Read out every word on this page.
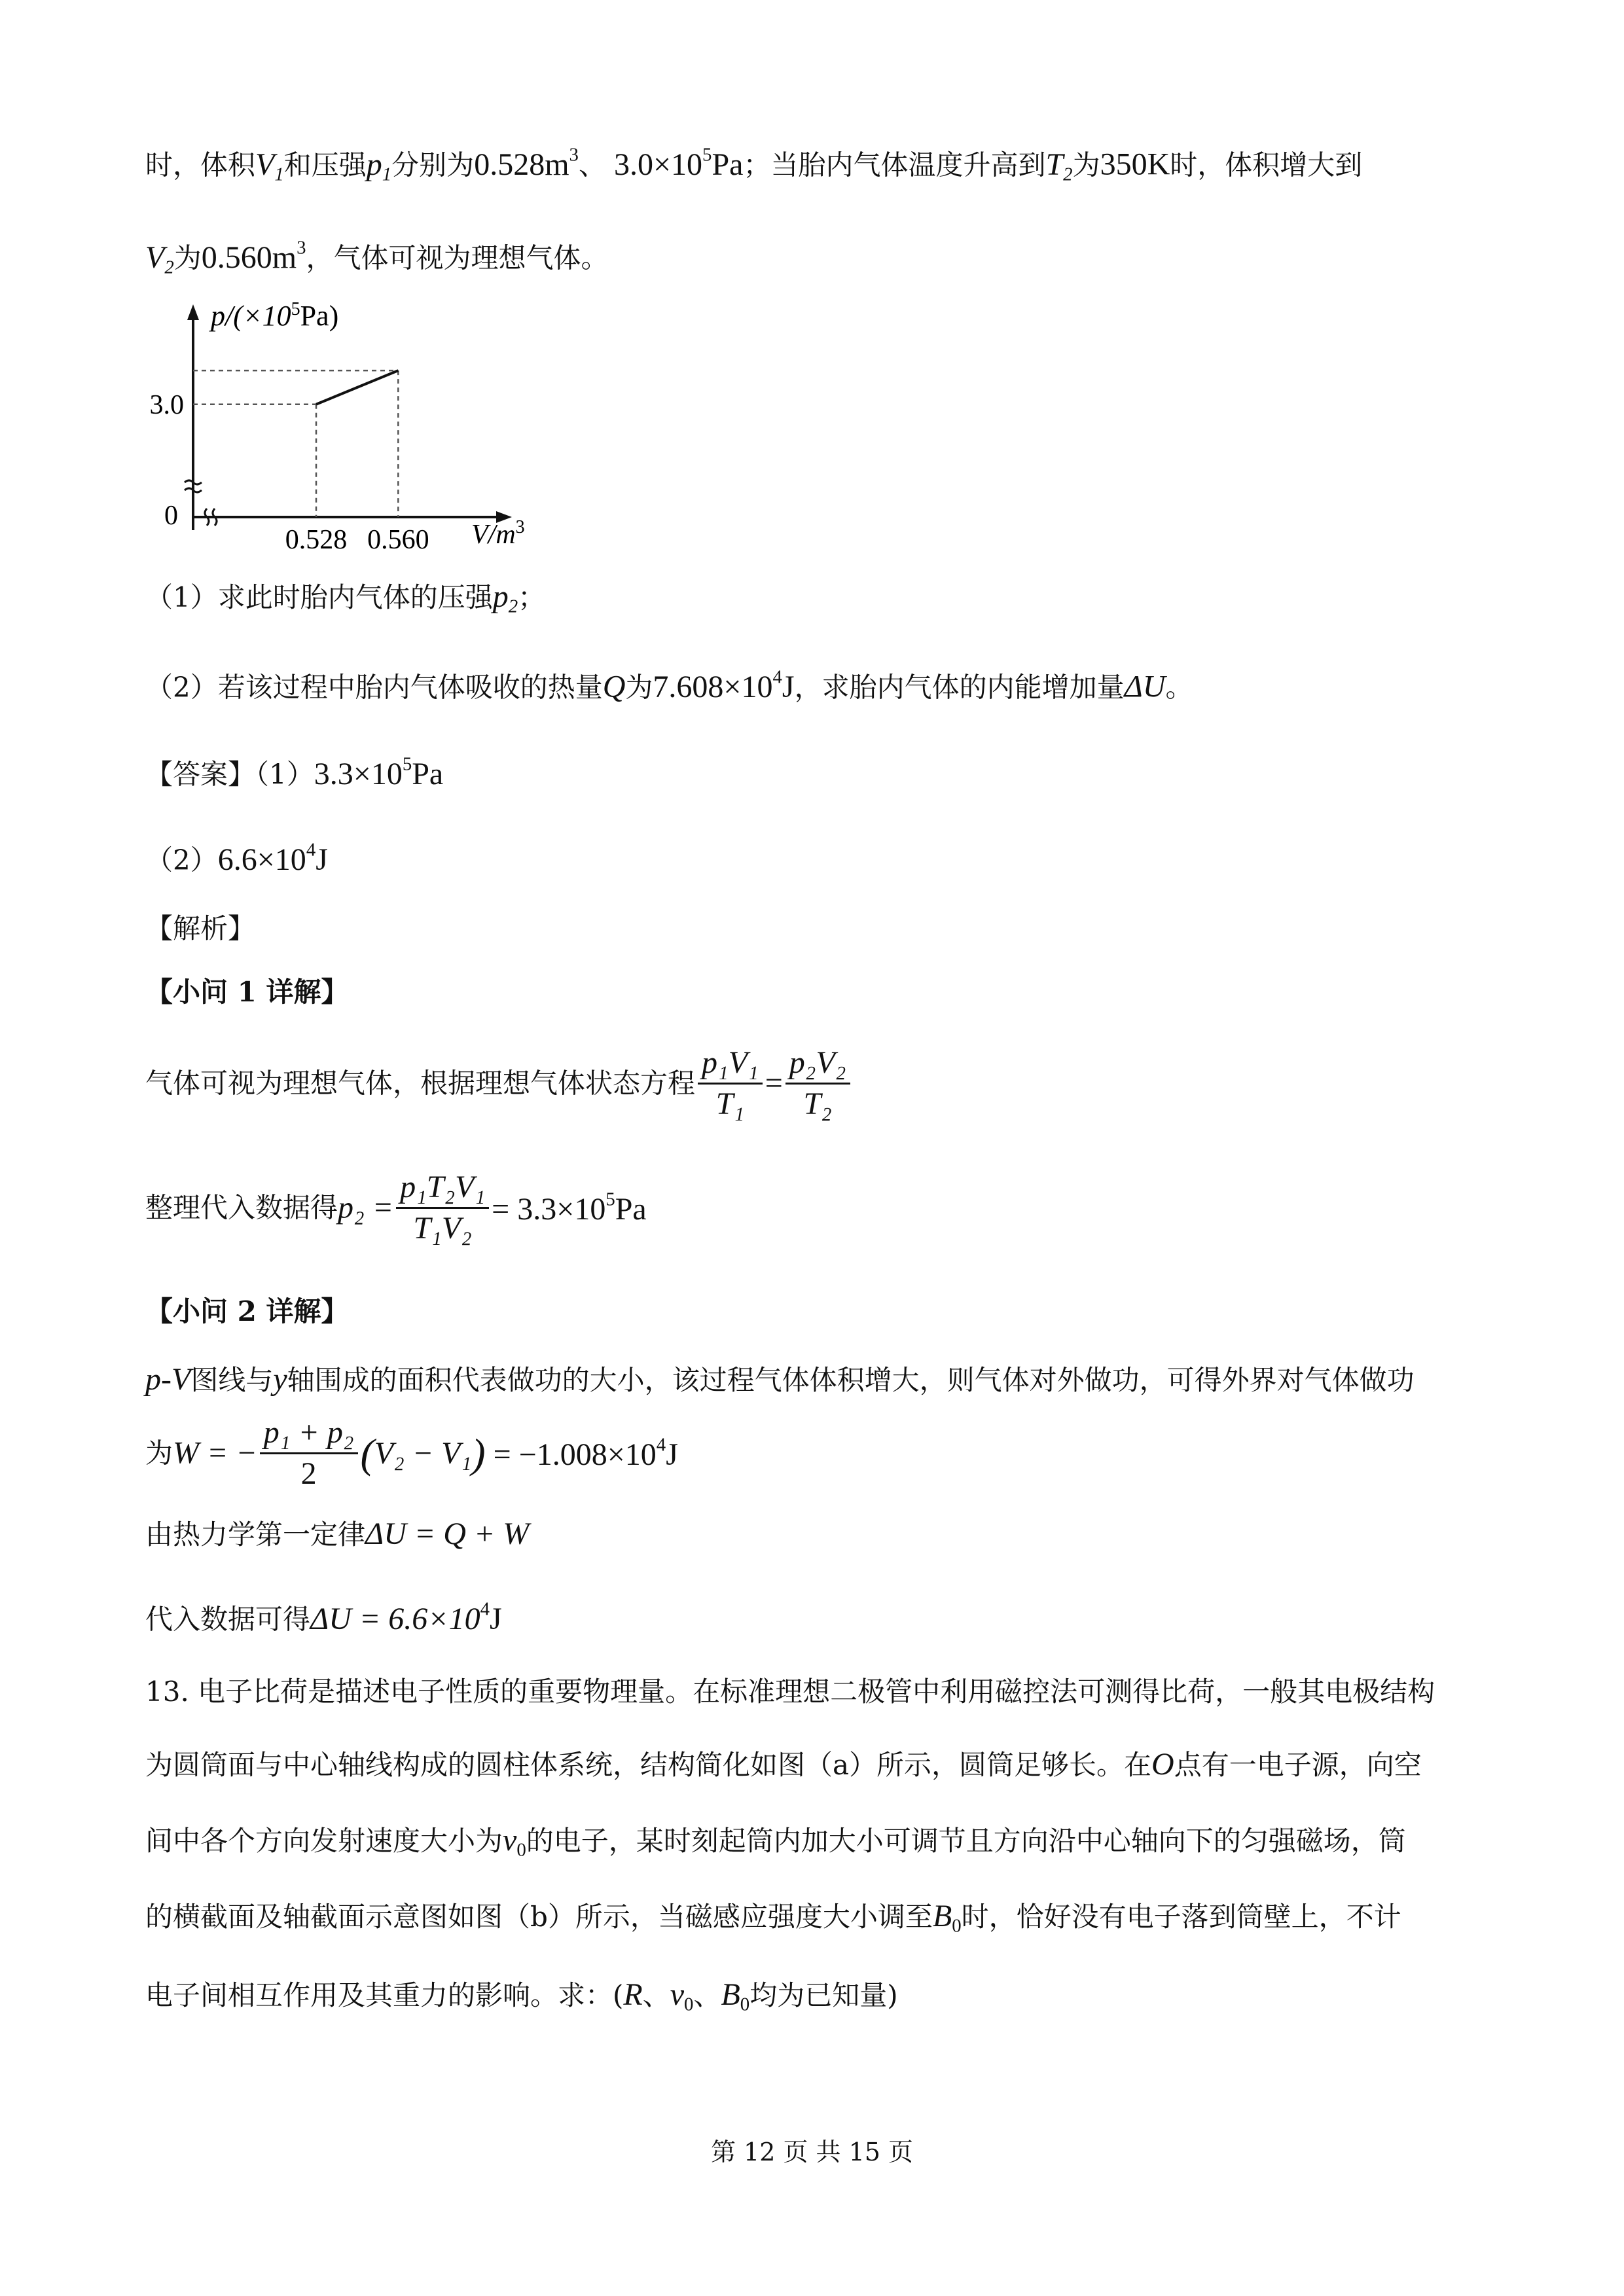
时，体积$V_1$和压强$p_1$分别为$0.528m^3$、 $3.0\times 10^5Pa$；当胎内气体温度升高到$T_2$为350K时，体积增大到
$V_2$为$0.560m^3$，气体可视为理想气体。
$p/(\times 10^5Pa)$
0
$V/m^3$
0.528 0.560
3.0
（1）求此时胎内气体的压强$p_2$；
（2）若该过程中胎内气体吸收的热量Q为$7.608\times 10^4J$，求胎内气体的内能增加量ΔU。
【答案】$(1)3.3\times 10^5Pa$
$(2)6.6\times 10^4J$
【解析】
【小问 1 详解】
气体可视为理想气体，根据理想气体状态方程 $\frac{\text{p₁V₁}}{\text{T₁}} = \frac{\text{p₂V₂}}{\text{T₂}}$
整理代入数据得$p_2 = \frac{\text{p₁T₂V₁}}{\text{T₁V₂}} = 3.3\times 10^5Pa$
【小问 2 详解】
p-V图线与y轴围成的面积代表做功的大小，该过程气体体积增大，则气体对外做功，可得外界对气体做功
为W = − $\frac{\text{p₁ + p₂}}{2} (V_2 - V_1) = -1.008\times 10^4J$
由热力学第一定律ΔU = Q + W
代入数据可得$\Delta U = 6.6\times 10^4J$
13. 电子比荷是描述电子性质的重要物理量。在标准理想二极管中利用磁控法可测得比荷，一般其电极结构
为圆筒面与中心轴线构成的圆柱体系统，结构简化如图（a）所示，圆筒足够长。在O点有一电子源，向空
间中各个方向发射速度大小为$v_0$的电子，某时刻起筒内加大小可调节且方向沿中心轴向下的匀强磁场，筒
的横截面及轴截面示意图如图（b）所示，当磁感应强度大小调至$B_0$时，恰好没有电子落到筒壁上，不计
电子间相互作用及其重力的影响。求：(R、$v_0$、$B_0$均为已知量)
第 12 页 共 15 页
